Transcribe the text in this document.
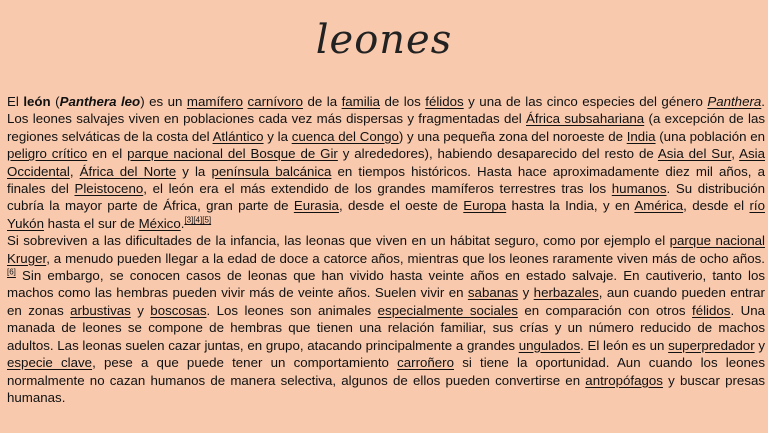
leones

El león (Panthera leo) es un mamífero carnívoro de la familia de los félidos y una de las cinco especies del género Panthera. Los leones salvajes viven en poblaciones cada vez más dispersas y fragmentadas del África subsahariana (a excepción de las regiones selváticas de la costa del Atlántico y la cuenca del Congo) y una pequeña zona del noroeste de India (una población en peligro crítico en el parque nacional del Bosque de Gir y alrededores), habiendo desaparecido del resto de Asia del Sur, Asia Occidental, África del Norte y la península balcánica en tiempos históricos. Hasta hace aproximadamente diez mil años, a finales del Pleistoceno, el león era el más extendido de los grandes mamíferos terrestres tras los humanos. Su distribución cubría la mayor parte de África, gran parte de Eurasia, desde el oeste de Europa hasta la India, y en América, desde el río Yukón hasta el sur de México.[3][4][5]

Si sobreviven a las dificultades de la infancia, las leonas que viven en un hábitat seguro, como por ejemplo el parque nacional Kruger, a menudo pueden llegar a la edad de doce a catorce años, mientras que los leones raramente viven más de ocho años.[6] Sin embargo, se conocen casos de leonas que han vivido hasta veinte años en estado salvaje. En cautiverio, tanto los machos como las hembras pueden vivir más de veinte años. Suelen vivir en sabanas y herbazales, aun cuando pueden entrar en zonas arbustivas y boscosas. Los leones son animales especialmente sociales en comparación con otros félidos. Una manada de leones se compone de hembras que tienen una relación familiar, sus crías y un número reducido de machos adultos. Las leonas suelen cazar juntas, en grupo, atacando principalmente a grandes ungulados. El león es un superpredador y especie clave, pese a que puede tener un comportamiento carroñero si tiene la oportunidad. Aun cuando los leones normalmente no cazan humanos de manera selectiva, algunos de ellos pueden convertirse en antropófagos y buscar presas humanas.
